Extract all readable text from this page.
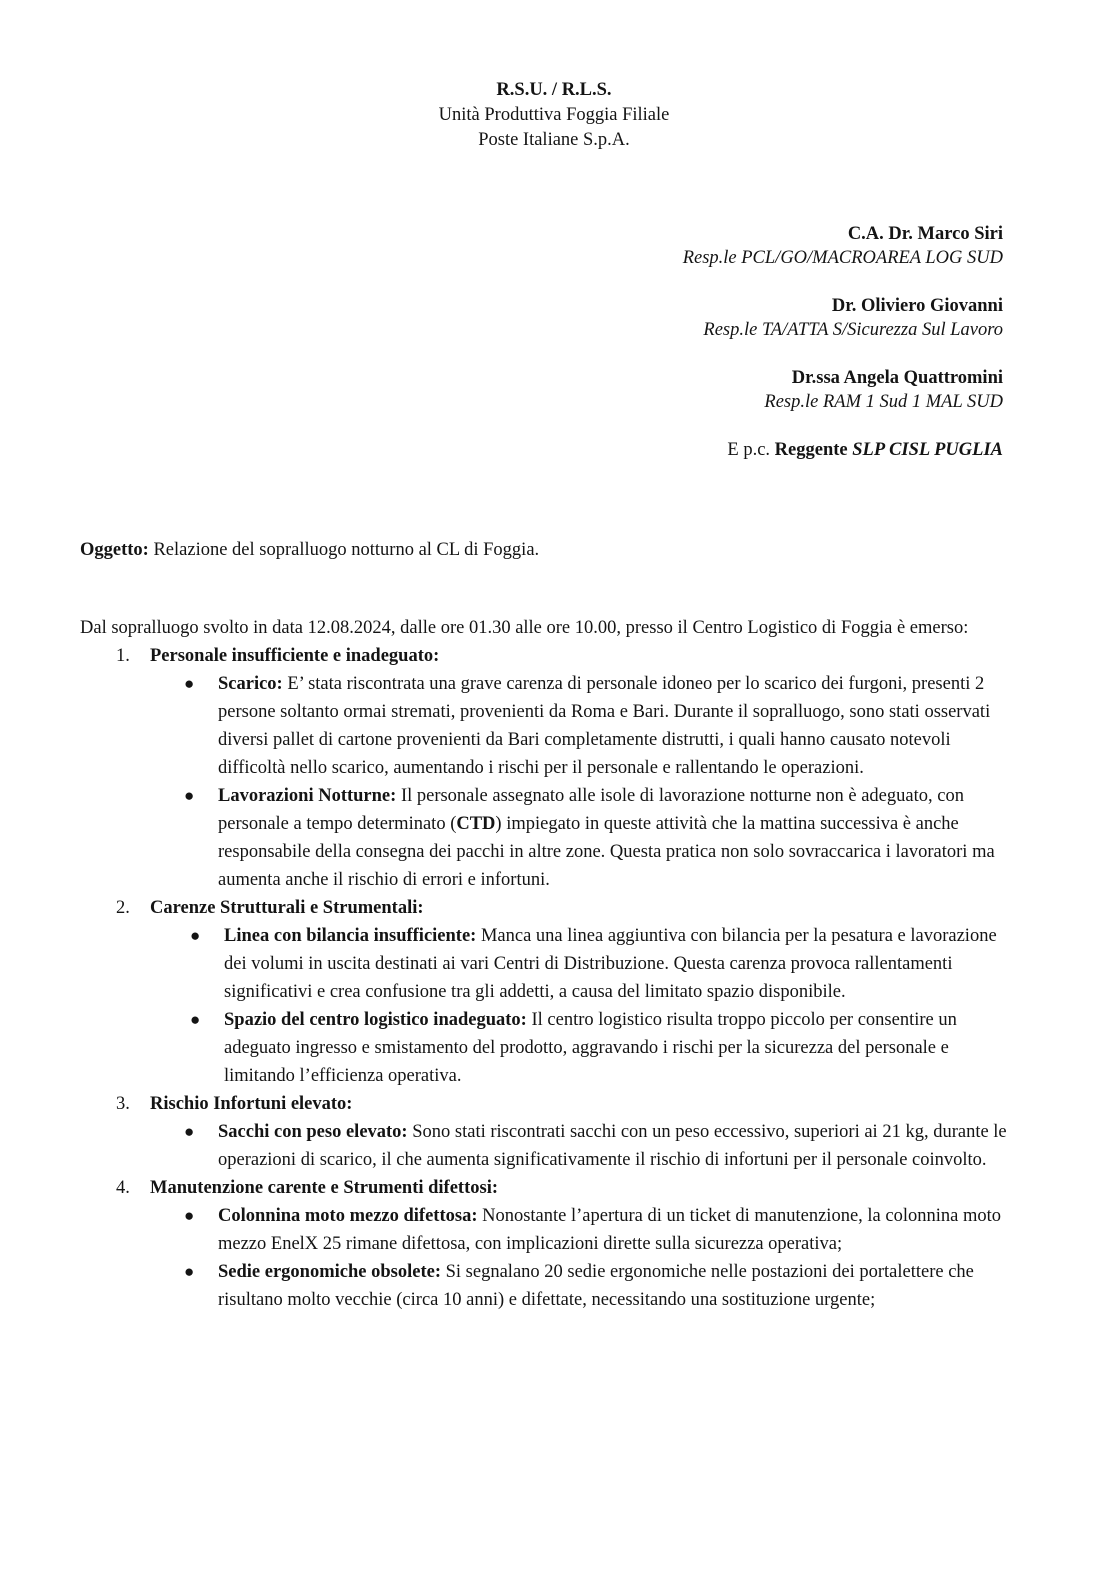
R.S.U. / R.L.S.
Unità Produttiva Foggia Filiale
Poste Italiane S.p.A.
C.A. Dr. Marco Siri
Resp.le PCL/GO/MACROAREA LOG SUD
Dr. Oliviero Giovanni
Resp.le TA/ATTA S/Sicurezza Sul Lavoro
Dr.ssa Angela Quattromini
Resp.le RAM 1 Sud 1 MAL SUD
E p.c. Reggente SLP CISL PUGLIA
Oggetto: Relazione del sopralluogo notturno al CL di Foggia.

Dal sopralluogo svolto in data 12.08.2024, dalle ore 01.30 alle ore 10.00, presso il Centro Logistico di Foggia è emerso:

1. Personale insufficiente e inadeguato:
● Scarico: E’ stata riscontrata una grave carenza di personale idoneo per lo scarico dei furgoni, presenti 2 persone soltanto ormai stremati, provenienti da Roma e Bari. Durante il sopralluogo, sono stati osservati diversi pallet di cartone provenienti da Bari completamente distrutti, i quali hanno causato notevoli difficoltà nello scarico, aumentando i rischi per il personale e rallentando le operazioni.
● Lavorazioni Notturne: Il personale assegnato alle isole di lavorazione notturne non è adeguato, con personale a tempo determinato (CTD) impiegato in queste attività che la mattina successiva è anche responsabile della consegna dei pacchi in altre zone. Questa pratica non solo sovraccarica i lavoratori ma aumenta anche il rischio di errori e infortuni.
2. Carenze Strutturali e Strumentali:
● Linea con bilancia insufficiente: Manca una linea aggiuntiva con bilancia per la pesatura e lavorazione dei volumi in uscita destinati ai vari Centri di Distribuzione. Questa carenza provoca rallentamenti significativi e crea confusione tra gli addetti, a causa del limitato spazio disponibile.
● Spazio del centro logistico inadeguato: Il centro logistico risulta troppo piccolo per consentire un adeguato ingresso e smistamento del prodotto, aggravando i rischi per la sicurezza del personale e limitando l’efficienza operativa.
3. Rischio Infortuni elevato:
● Sacchi con peso elevato: Sono stati riscontrati sacchi con un peso eccessivo, superiori ai 21 kg, durante le operazioni di scarico, il che aumenta significativamente il rischio di infortuni per il personale coinvolto.
4. Manutenzione carente e Strumenti difettosi:
● Colonnina moto mezzo difettosa: Nonostante l’apertura di un ticket di manutenzione, la colonnina moto mezzo EnelX 25 rimane difettosa, con implicazioni dirette sulla sicurezza operativa;
● Sedie ergonomiche obsolete: Si segnalano 20 sedie ergonomiche nelle postazioni dei portalettere che risultano molto vecchie (circa 10 anni) e difettate, necessitando una sostituzione urgente;
